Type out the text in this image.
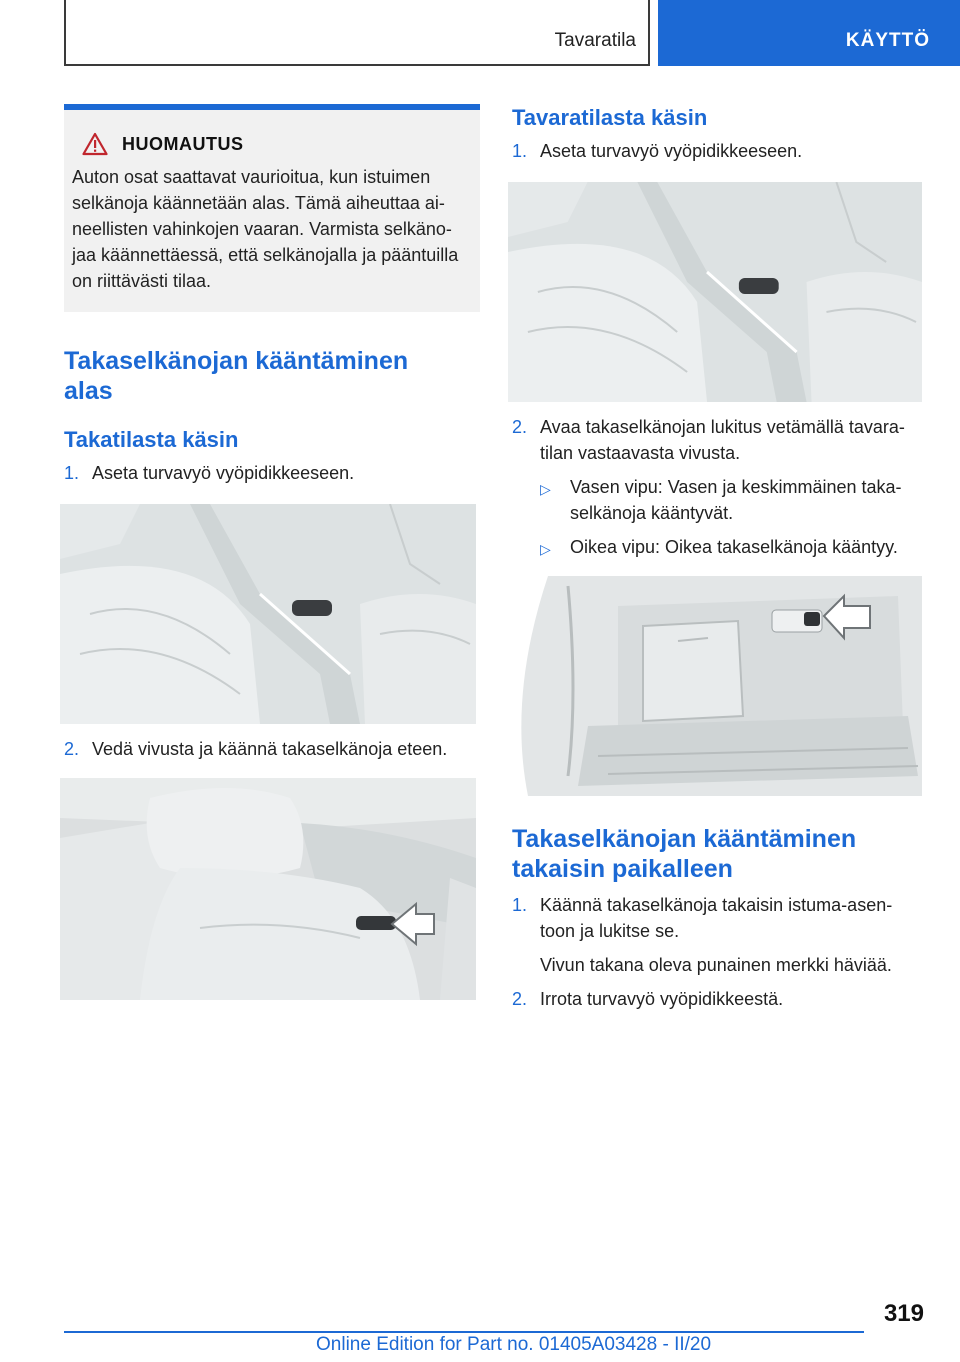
Tavaratila	KÄYTTÖ
HUOMAUTUS
Auton osat saattavat vaurioitua, kun istuimen
selkänoja käännetään alas. Tämä aiheuttaa ai‐
neellisten vahinkojen vaaran. Varmista selkäno‐
jaa käännettäessä, että selkänojalla ja pääntuilla
on riittävästi tilaa.
Takaselkänojan kääntäminen
alas
Takatilasta käsin
1. Aseta turvavyö vyöpidikkeeseen.
2. Vedä vivusta ja käännä takaselkänoja eteen.
Tavaratilasta käsin
1. Aseta turvavyö vyöpidikkeeseen.
2. Avaa takaselkänojan lukitus vetämällä tavara‐
tilan vastaavasta vivusta.
▷	Vasen vipu: Vasen ja keskimmäinen taka‐
selkänoja kääntyvät.
▷	Oikea vipu: Oikea takaselkänoja kääntyy.
Takaselkänojan kääntäminen
takaisin paikalleen
1. Käännä takaselkänoja takaisin istuma-asen‐
toon ja lukitse se.
Vivun takana oleva punainen merkki häviää.
2. Irrota turvavyö vyöpidikkeestä.
319
Online Edition for Part no. 01405A03428 - II/20
